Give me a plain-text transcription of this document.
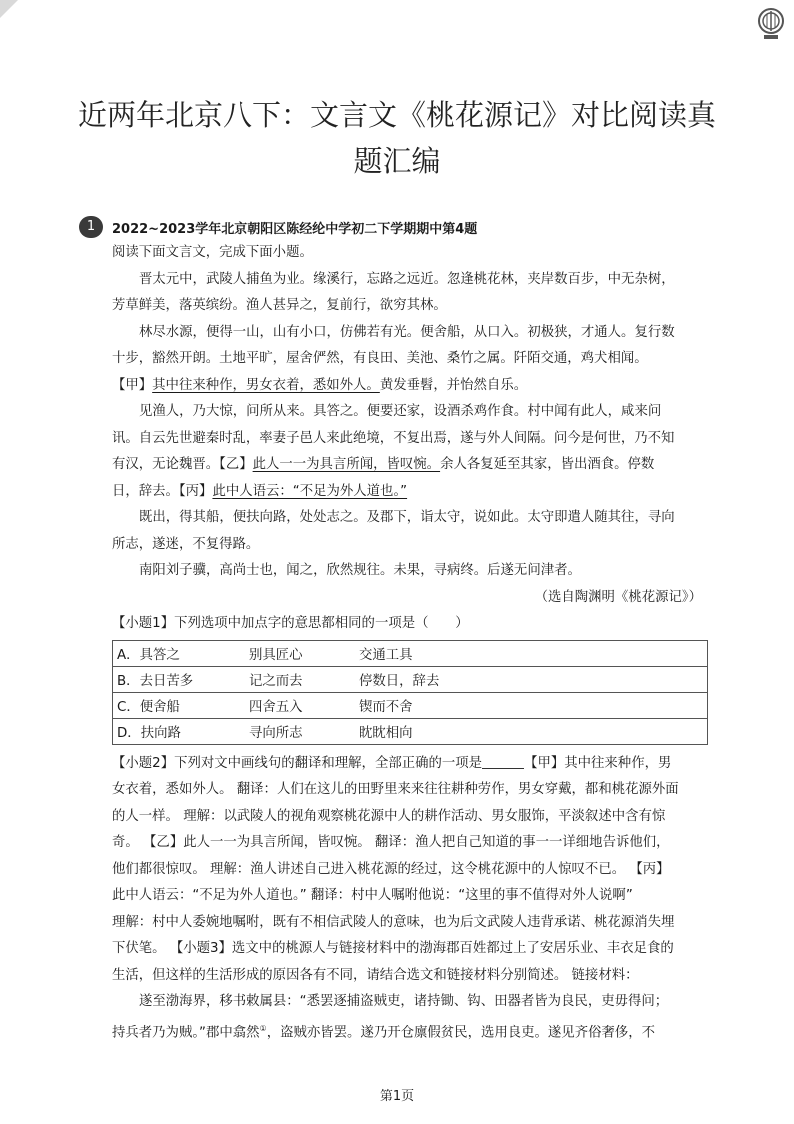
近两年北京八下：文言文《桃花源记》对比阅读真
题汇编
1	2022~2023学年北京朝阳区陈经纶中学初二下学期期中第4题
阅读下面文言文，完成下面小题。
晋太元中，武陵人捕鱼为业。缘溪行，忘路之远近。忽逢桃花林，夹岸数百步，中无杂树，
芳草鲜美，落英缤纷。渔人甚异之，复前行，欲穷其林。
林尽水源，便得一山，山有小口，仿佛若有光。便舍船，从口入。初极狭，才通人。复行数
十步，豁然开朗。土地平旷，屋舍俨然，有良田、美池、桑竹之属。阡陌交通，鸡犬相闻。
【甲】其中往来种作，男女衣着，悉如外人。黄发垂髫，并怡然自乐。
见渔人，乃大惊，问所从来。具答之。便要还家，设酒杀鸡作食。村中闻有此人，咸来问
讯。自云先世避秦时乱，率妻子邑人来此绝境，不复出焉，遂与外人间隔。问今是何世，乃不知
有汉，无论魏晋。【乙】此人一一为具言所闻，皆叹惋。余人各复延至其家，皆出酒食。停数
日，辞去。【丙】此中人语云：“不足为外人道也。”
既出，得其船，便扶向路，处处志之。及郡下，诣太守，说如此。太守即遣人随其往，寻向
所志，遂迷，不复得路。
南阳刘子骥，高尚士也，闻之，欣然规往。未果，寻病终。后遂无问津者。
（选自陶渊明《桃花源记》）
【小题1】下列选项中加点字的意思都相同的一项是（　　）
A．具答之	别具匠心	交通工具
B．去日苦多	记之而去	停数日，辞去
C．便舍船	四舍五入	锲而不舍
D．扶向路	寻向所志	眈眈相向
【小题2】下列对文中画线句的翻译和理解，全部正确的一项是	【甲】其中往来种作，男
女衣着，悉如外人。 翻译：人们在这儿的田野里来来往往耕种劳作，男女穿戴，都和桃花源外面
的人一样。 理解：以武陵人的视角观察桃花源中人的耕作活动、男女服饰，平淡叙述中含有惊
奇。 【乙】此人一一为具言所闻，皆叹惋。 翻译：渔人把自己知道的事一一详细地告诉他们，
他们都很惊叹。 理解：渔人讲述自己进入桃花源的经过，这令桃花源中的人惊叹不已。 【丙】
此中人语云：“不足为外人道也。” 翻译：村中人嘱咐他说：“这里的事不值得对外人说啊”
理解：村中人委婉地嘱咐，既有不相信武陵人的意味，也为后文武陵人违背承诺、桃花源消失埋
下伏笔。 【小题3】选文中的桃源人与链接材料中的渤海郡百姓都过上了安居乐业、丰衣足食的
生活，但这样的生活形成的原因各有不同，请结合选文和链接材料分别简述。 链接材料：
遂至渤海界，移书敕属县：“悉罢逐捕盗贼吏，诸持锄、钩、田器者皆为良民，吏毋得问；
持兵者乃为贼。”郡中翕然①，盗贼亦皆罢。遂乃开仓廪假贫民，选用良吏。遂见齐俗奢侈，不
第1页
